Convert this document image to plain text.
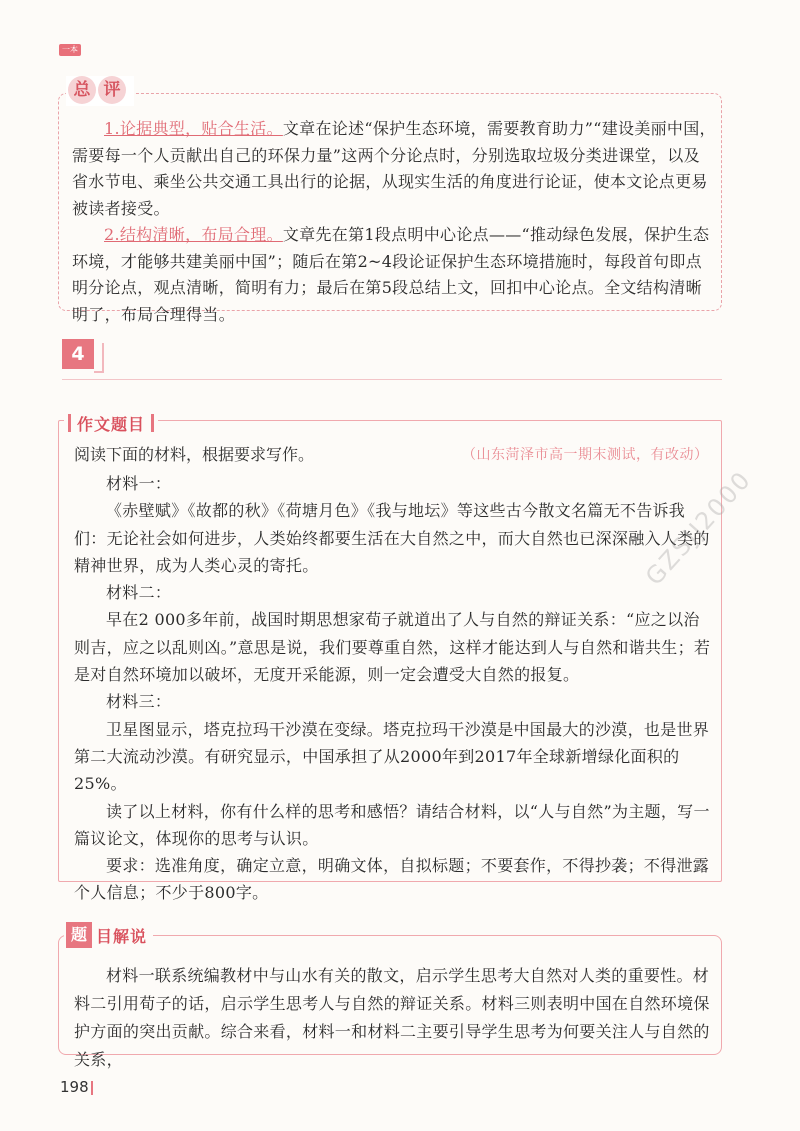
一本
总 评

1.论据典型，贴合生活。文章在论述“保护生态环境，需要教育助力”“建设美丽中国，需要每一个人贡献出自己的环保力量”这两个分论点时，分别选取垃圾分类进课堂，以及省水节电、乘坐公共交通工具出行的论据，从现实生活的角度进行论证，使本文论点更易被读者接受。

2.结构清晰，布局合理。文章先在第1段点明中心论点——“推动绿色发展，保护生态环境，才能够共建美丽中国”；随后在第2~4段论证保护生态环境措施时，每段首句即点明分论点，观点清晰，简明有力；最后在第5段总结上文，回扣中心论点。全文结构清晰明了，布局合理得当。

4
作文题目
阅读下面的材料，根据要求写作。	（山东菏泽市高一期末测试，有改动）

材料一：

《赤壁赋》《故都的秋》《荷塘月色》《我与地坛》等这些古今散文名篇无不告诉我们：无论社会如何进步，人类始终都要生活在大自然之中，而大自然也已深深融入人类的精神世界，成为人类心灵的寄托。

材料二：

早在2 000多年前，战国时期思想家荀子就道出了人与自然的辩证关系：“应之以治则吉，应之以乱则凶。”意思是说，我们要尊重自然，这样才能达到人与自然和谐共生；若是对自然环境加以破坏，无度开采能源，则一定会遭受大自然的报复。

材料三：

卫星图显示，塔克拉玛干沙漠在变绿。塔克拉玛干沙漠是中国最大的沙漠，也是世界第二大流动沙漠。有研究显示，中国承担了从2000年到2017年全球新增绿化面积的25%。

读了以上材料，你有什么样的思考和感悟？请结合材料，以“人与自然”为主题，写一篇议论文，体现你的思考与认识。

要求：选准角度，确定立意，明确文体，自拟标题；不要套作，不得抄袭；不得泄露个人信息；不少于800字。

GZSJJ2000
题 目解说

材料一联系统编教材中与山水有关的散文，启示学生思考大自然对人类的重要性。材料二引用荀子的话，启示学生思考人与自然的辩证关系。材料三则表明中国在自然环境保护方面的突出贡献。综合来看，材料一和材料二主要引导学生思考为何要关注人与自然的关系，

198
